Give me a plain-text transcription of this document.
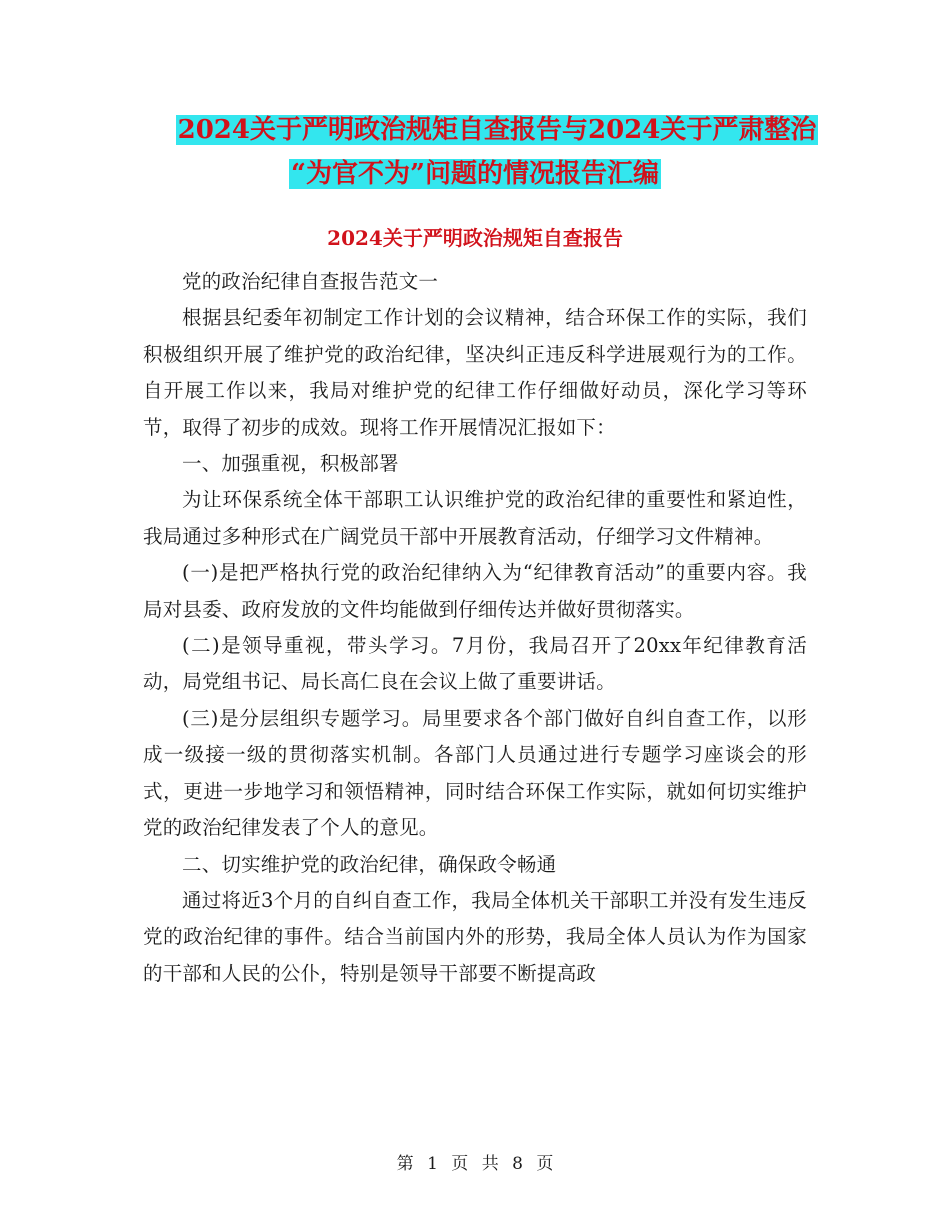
2024关于严明政治规矩自查报告与2024关于严肃整治
“为官不为”问题的情况报告汇编
2024关于严明政治规矩自查报告

党的政治纪律自查报告范文一

根据县纪委年初制定工作计划的会议精神，结合环保工作的实际，我们积极组织开展了维护党的政治纪律，坚决纠正违反科学进展观行为的工作。自开展工作以来，我局对维护党的纪律工作仔细做好动员，深化学习等环节，取得了初步的成效。现将工作开展情况汇报如下：

一、加强重视，积极部署

为让环保系统全体干部职工认识维护党的政治纪律的重要性和紧迫性，我局通过多种形式在广阔党员干部中开展教育活动，仔细学习文件精神。

(一)是把严格执行党的政治纪律纳入为“纪律教育活动”的重要内容。我局对县委、政府发放的文件均能做到仔细传达并做好贯彻落实。

(二)是领导重视，带头学习。7月份，我局召开了20xx年纪律教育活动，局党组书记、局长高仁良在会议上做了重要讲话。

(三)是分层组织专题学习。局里要求各个部门做好自纠自查工作，以形成一级接一级的贯彻落实机制。各部门人员通过进行专题学习座谈会的形式，更进一步地学习和领悟精神，同时结合环保工作实际，就如何切实维护党的政治纪律发表了个人的意见。

二、切实维护党的政治纪律，确保政令畅通

通过将近3个月的自纠自查工作，我局全体机关干部职工并没有发生违反党的政治纪律的事件。结合当前国内外的形势，我局全体人员认为作为国家的干部和人民的公仆，特别是领导干部要不断提高政

第 1 页 共 8 页
